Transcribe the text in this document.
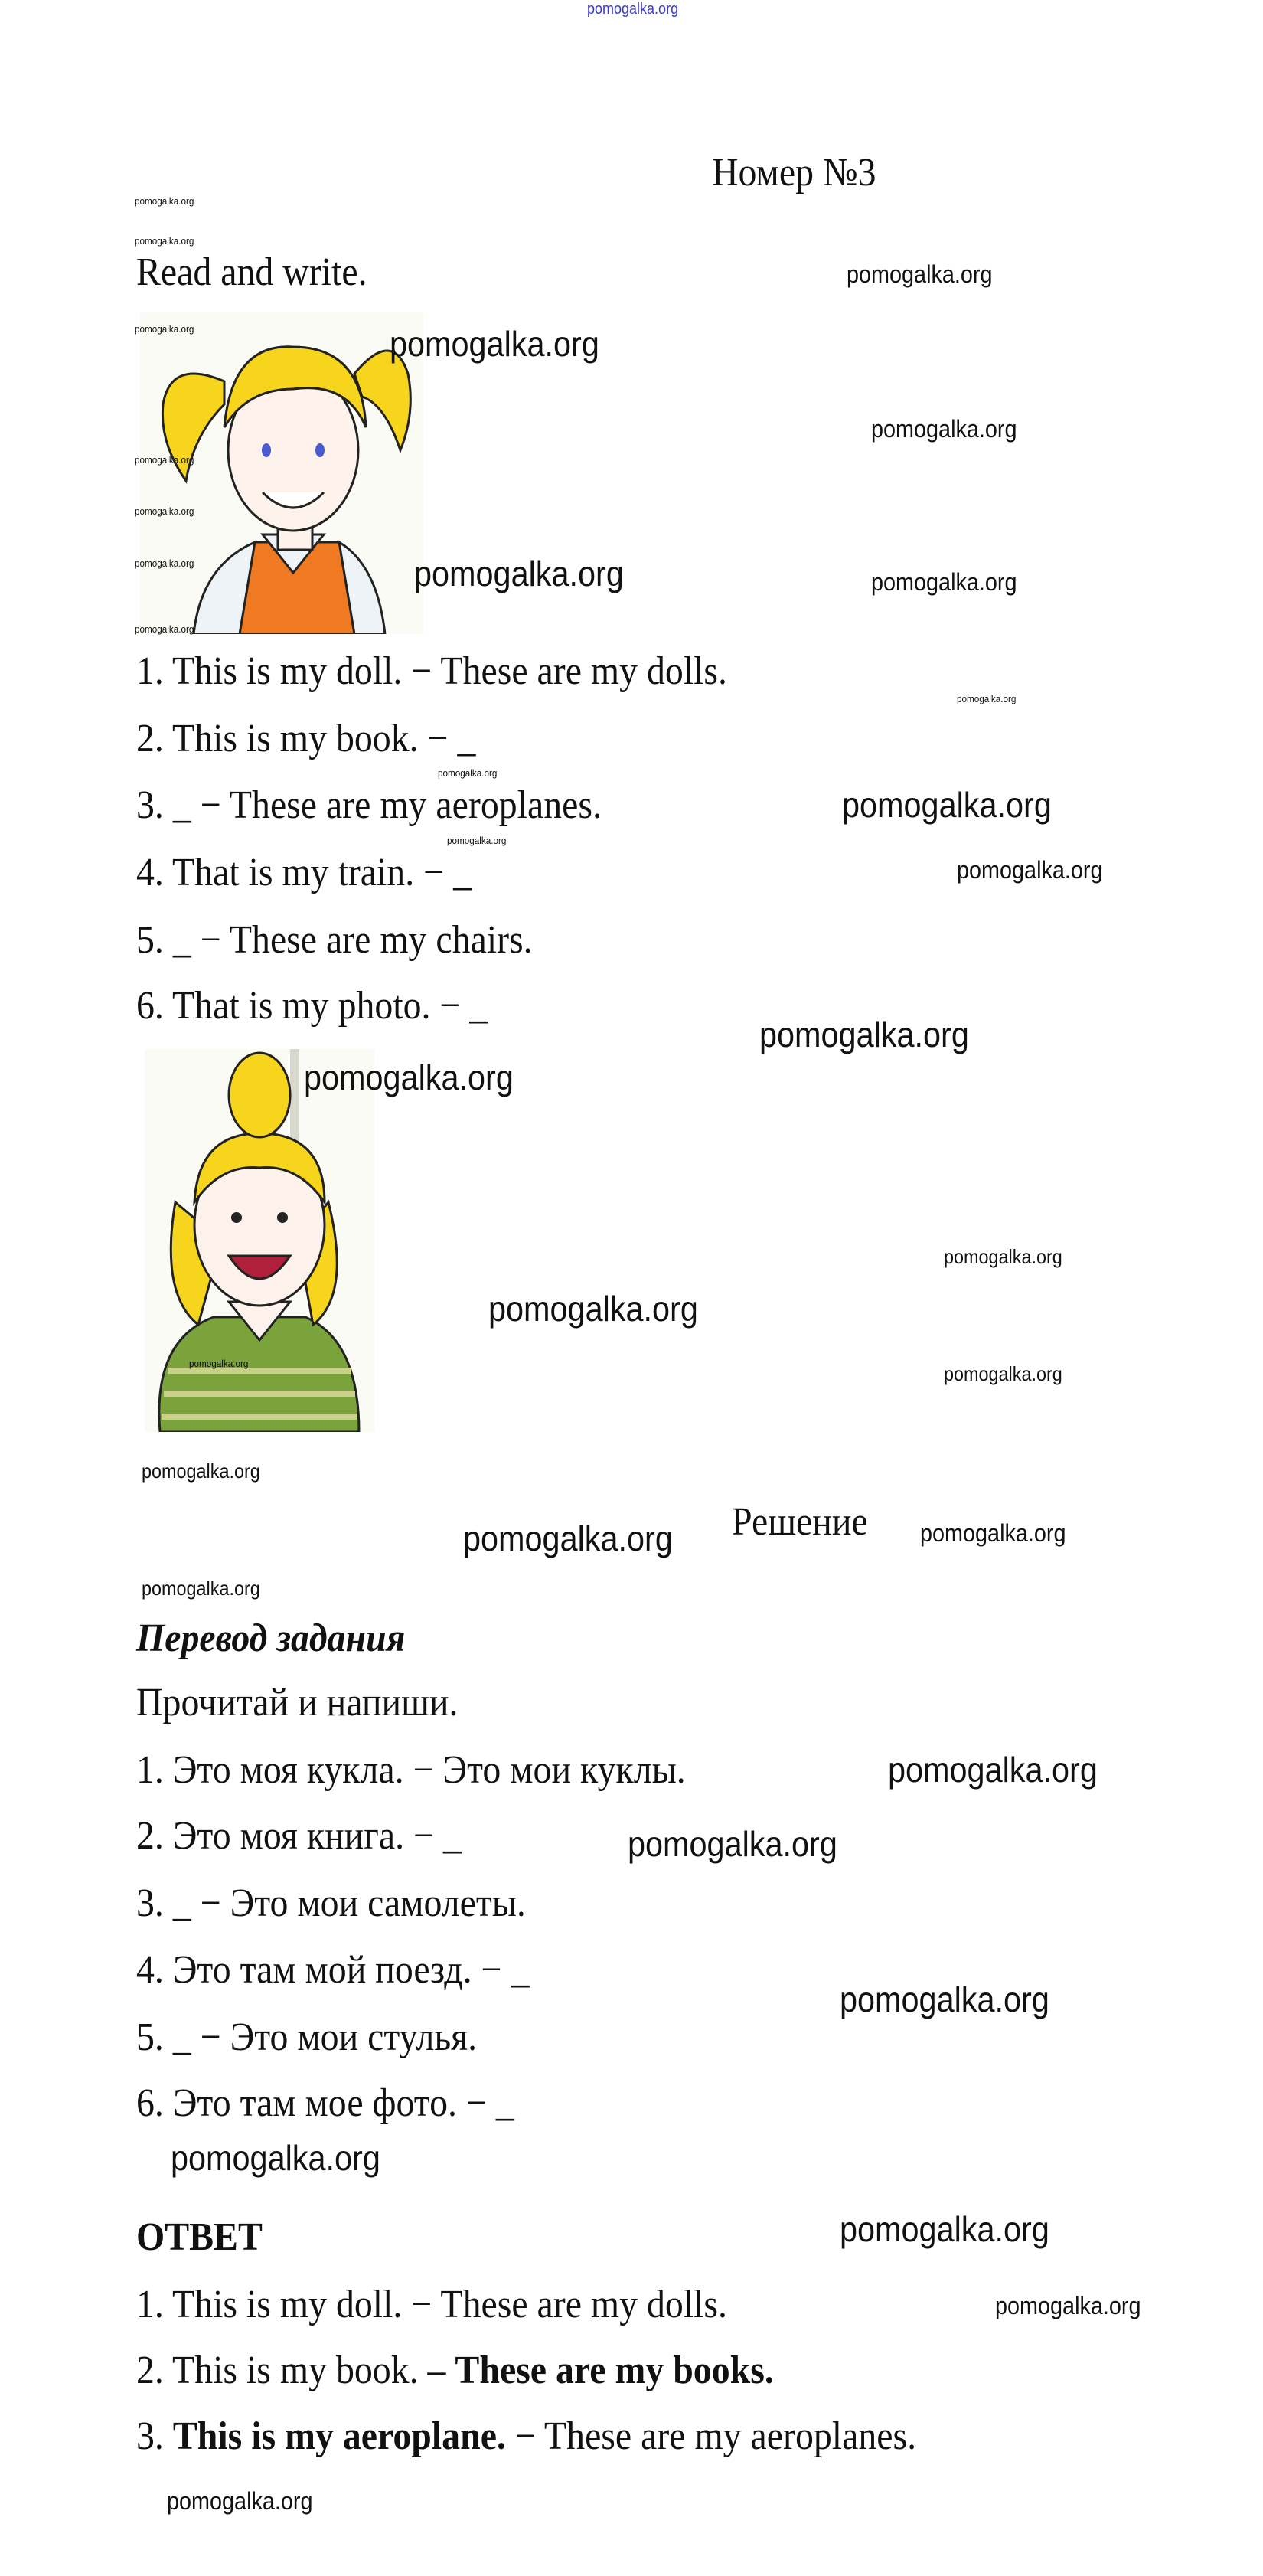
pomogalka.org
Номер №3
Read and write.
1. This is my doll. − These are my dolls.
2. This is my book. − _
3. _ − These are my aeroplanes.
4. That is my train. − _
5. _ − These are my chairs.
6. That is my photo. − _
Решение
Перевод задания
Прочитай и напиши.
1. Это моя кукла. − Это мои куклы.
2. Это моя книга. − _
3. _ − Это мои самолеты.
4. Это там мой поезд. − _
5. _ − Это мои стулья.
6. Это там мое фото. − _
ОТВЕТ
1. This is my doll. − These are my dolls.
2. This is my book. – These are my books.
3. This is my aeroplane. − These are my aeroplanes.
pomogalka.org
pomogalka.org
pomogalka.org
pomogalka.org
pomogalka.org
pomogalka.org
pomogalka.org
pomogalka.org
pomogalka.org
pomogalka.org
pomogalka.org
pomogalka.org
pomogalka.org
pomogalka.org
pomogalka.org
pomogalka.org
pomogalka.org
pomogalka.org
pomogalka.org
pomogalka.org
pomogalka.org
pomogalka.org
pomogalka.org
pomogalka.org
pomogalka.org
pomogalka.org
pomogalka.org
pomogalka.org
pomogalka.org
pomogalka.org
pomogalka.org
pomogalka.org
pomogalka.org
pomogalka.org
